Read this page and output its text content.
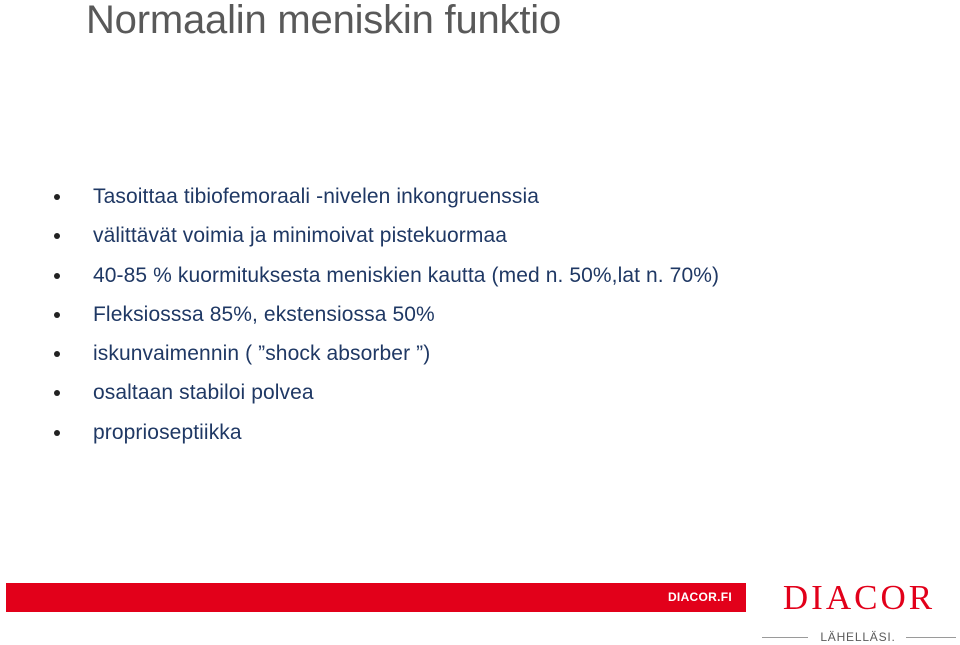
Normaalin meniskin funktio
Tasoittaa tibiofemoraali -nivelen inkongruenssia
välittävät voimia ja minimoivat pistekuormaa
40-85 % kuormituksesta meniskien kautta (med n. 50%,lat n. 70%)
Fleksiosssa 85%, ekstensiossa 50%
iskunvaimennin ( ”shock absorber ”)
osaltaan stabiloi polvea
proprioseptiikka
DIACOR.FI	DIACOR
LÄHELLÄSI.
